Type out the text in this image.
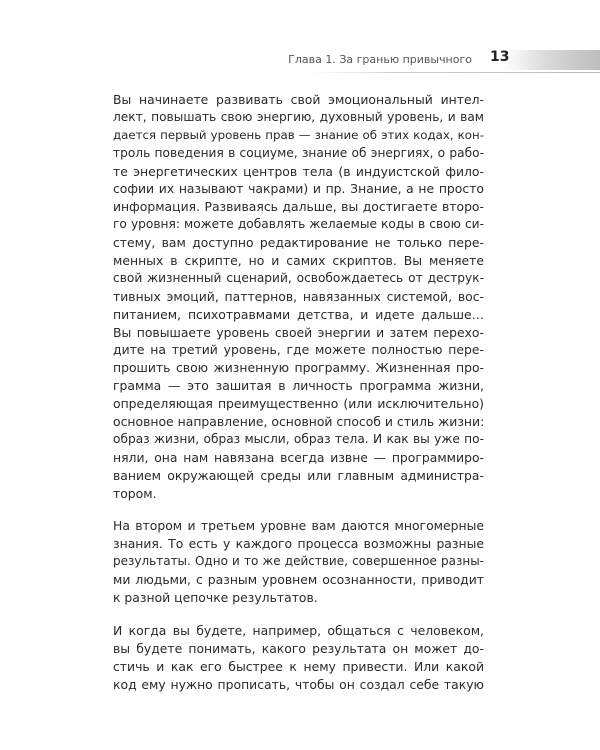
Глава 1. За гранью привычного 13
Вы начинаете развивать свой эмоциональный интел-
лект, повышать свою энергию, духовный уровень, и вам
дается первый уровень прав — знание об этих кодах, кон-
троль поведения в социуме, знание об энергиях, о рабо-
те энергетических центров тела (в индуистской фило-
софии их называют чакрами) и пр. Знание, а не просто
информация. Развиваясь дальше, вы достигаете второ-
го уровня: можете добавлять желаемые коды в свою си-
стему, вам доступно редактирование не только пере-
менных в скрипте, но и самих скриптов. Вы меняете
свой жизненный сценарий, освобождаетесь от деструк-
тивных эмоций, паттернов, навязанных системой, вос-
питанием, психотравмами детства, и идете дальше…
Вы повышаете уровень своей энергии и затем перехо-
дите на третий уровень, где можете полностью пере-
прошить свою жизненную программу. Жизненная про-
грамма — это зашитая в личность программа жизни,
определяющая преимущественно (или исключительно)
основное направление, основной способ и стиль жизни:
образ жизни, образ мысли, образ тела. И как вы уже по-
няли, она нам навязана всегда извне — программиро-
ванием окружающей среды или главным администра-
тором.
На втором и третьем уровне вам даются многомерные
знания. То есть у каждого процесса возможны разные
результаты. Одно и то же действие, совершенное разны-
ми людьми, с разным уровнем осознанности, приводит
к разной цепочке результатов.
И когда вы будете, например, общаться с человеком,
вы будете понимать, какого результата он может до-
стичь и как его быстрее к нему привести. Или какой
код ему нужно прописать, чтобы он создал себе такую
